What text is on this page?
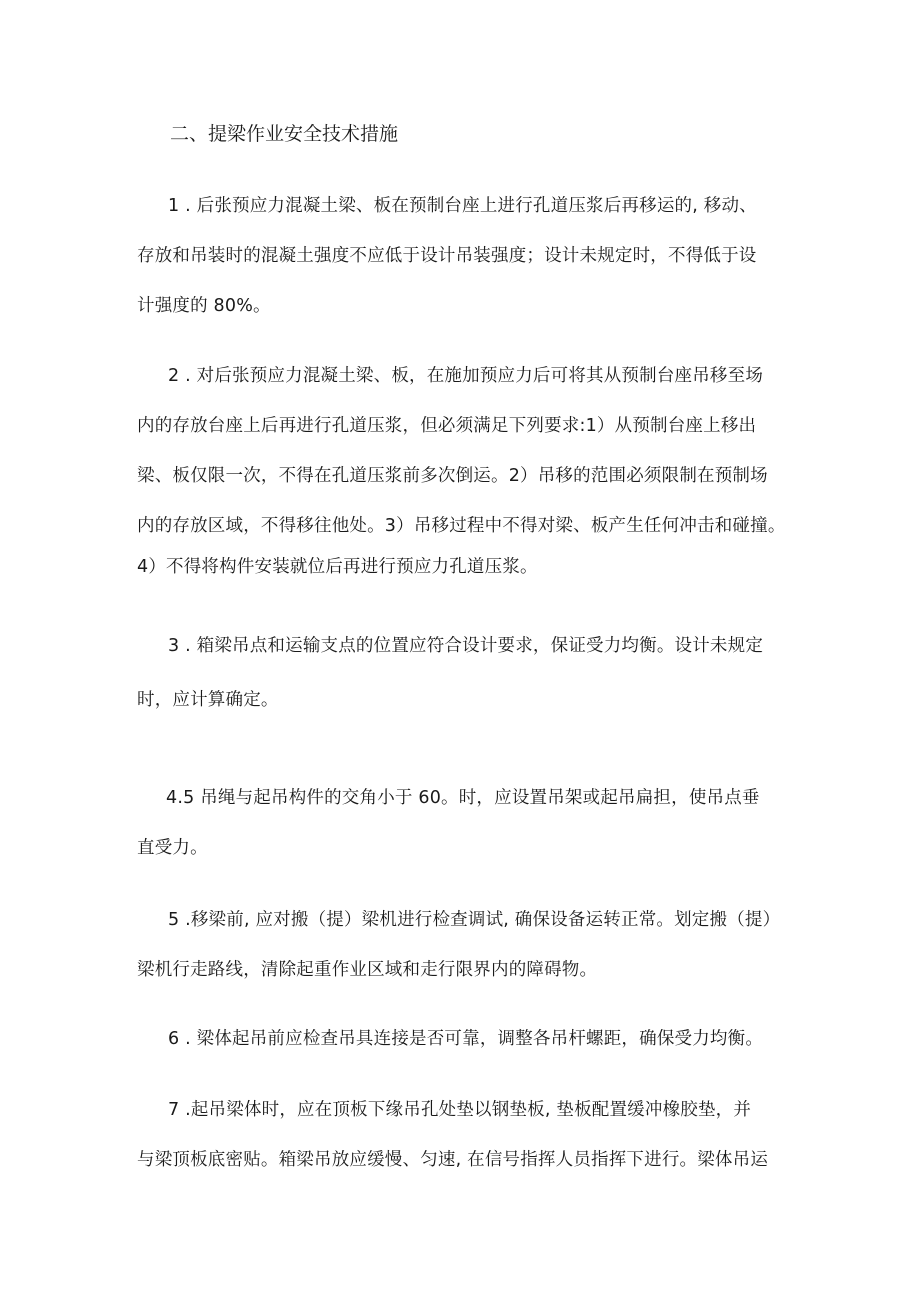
二、提梁作业安全技术措施
1 . 后张预应力混凝土梁、板在预制台座上进行孔道压浆后再移运的, 移动、
存放和吊装时的混凝土强度不应低于设计吊装强度；设计未规定时，不得低于设
计强度的 80%。
2 . 对后张预应力混凝土梁、板，在施加预应力后可将其从预制台座吊移至场
内的存放台座上后再进行孔道压浆，但必须满足下列要求:1）从预制台座上移出
梁、板仅限一次，不得在孔道压浆前多次倒运。2）吊移的范围必须限制在预制场
内的存放区域，不得移往他处。3）吊移过程中不得对梁、板产生任何冲击和碰撞。
4）不得将构件安装就位后再进行预应力孔道压浆。
3 . 箱梁吊点和运输支点的位置应符合设计要求，保证受力均衡。设计未规定
时，应计算确定。
4.5 吊绳与起吊构件的交角小于 60。时，应设置吊架或起吊扁担，使吊点垂
直受力。
5 .移梁前, 应对搬（提）梁机进行检查调试, 确保设备运转正常。划定搬（提）
梁机行走路线，清除起重作业区域和走行限界内的障碍物。
6 . 梁体起吊前应检查吊具连接是否可靠，调整各吊杆螺距，确保受力均衡。
7 .起吊梁体时，应在顶板下缘吊孔处垫以钢垫板, 垫板配置缓冲橡胶垫，并
与梁顶板底密贴。箱梁吊放应缓慢、匀速, 在信号指挥人员指挥下进行。梁体吊运
